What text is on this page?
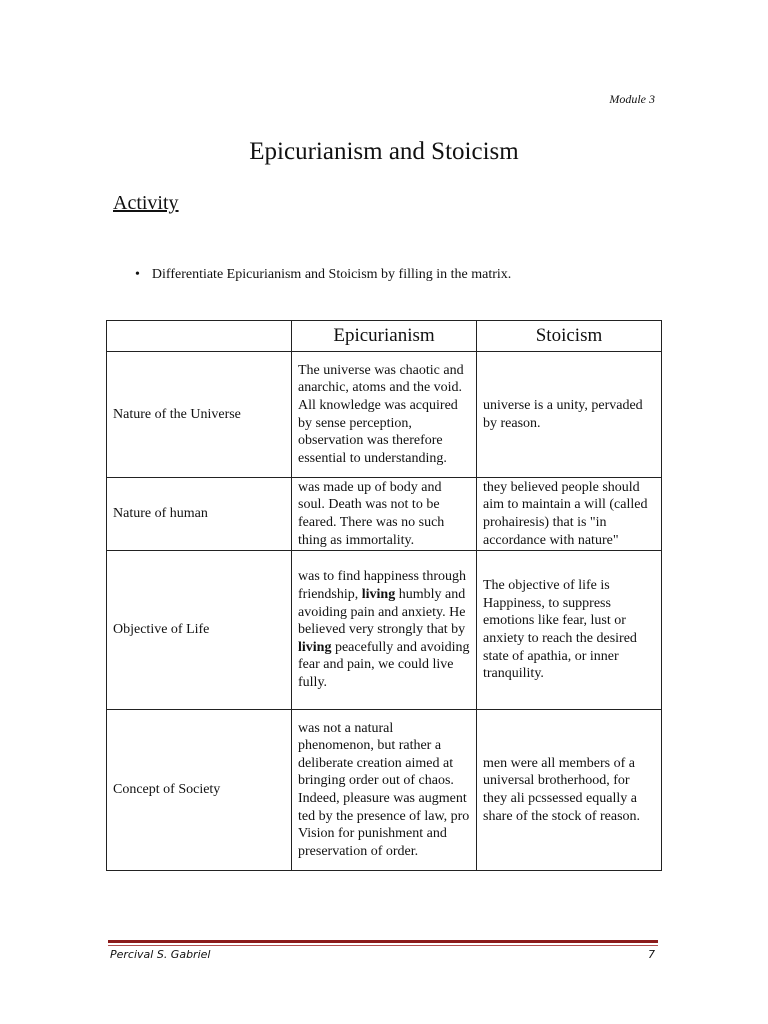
Module 3
Epicurianism and Stoicism
Activity
• Differentiate Epicurianism and Stoicism by filling in the matrix.
	Epicurianism	Stoicism
Nature of the Universe	The universe was chaotic and anarchic, atoms and the void. All knowledge was acquired by sense perception, observation was therefore essential to understanding.	universe is a unity, pervaded by reason.
Nature of human	was made up of body and soul. Death was not to be feared. There was no such thing as immortality.	they believed people should aim to maintain a will (called prohairesis) that is "in accordance with nature"
Objective of Life	was to find happiness through friendship, living humbly and avoiding pain and anxiety. He believed very strongly that by living peacefully and avoiding fear and pain, we could live fully.	The objective of life is Happiness, to suppress emotions like fear, lust or anxiety to reach the desired state of apathia, or inner tranquility.
Concept of Society	was not a natural phenomenon, but rather a deliberate creation aimed at bringing order out of chaos. Indeed, pleasure was augment ted by the presence of law, pro Vision for punishment and preservation of order.	men were all members of a universal brotherhood, for they ali pcssessed equally a share of the stock of reason.
Percival S. Gabriel	7
